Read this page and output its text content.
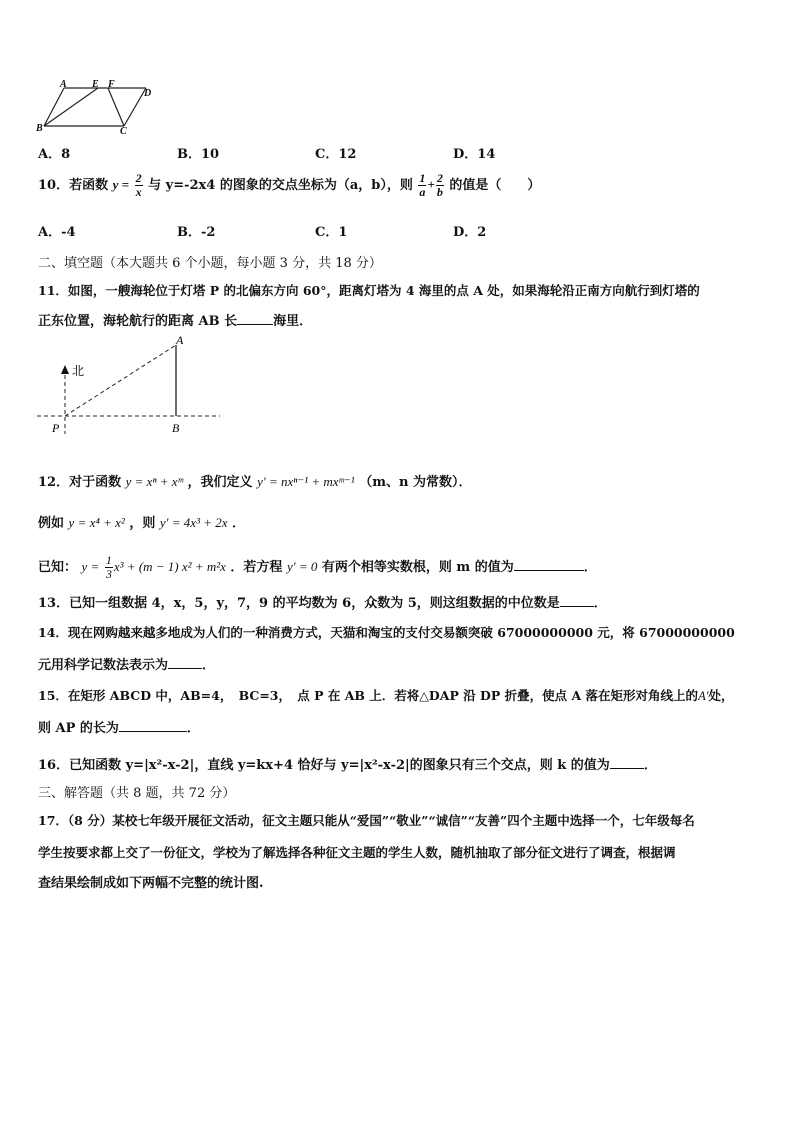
A	E F
D
B	C
A．8	B．10	C．12	D．14
10．若函数 $y = \frac{2}{x}$ 与 y=-2x4 的图象的交点坐标为（a，b），则 $\frac{1}{a} + \frac{2}{b}$ 的值是（　　）
A．-4	B．-2	C．1	D．2
二、填空题（本大题共 6 个小题，每小题 3 分，共 18 分）
11．如图，一艘海轮位于灯塔 P 的北偏东方向 60°，距离灯塔为 4 海里的点 A 处，如果海轮沿正南方向航行到灯塔的
正东位置，海轮航行的距离 AB 长	海里．
北
A
P	B
12．对于函数 y = xⁿ + xᵐ ，我们定义 y′ = nxⁿ⁻¹ + mxᵐ⁻¹ （m、n 为常数）．
例如 y = x⁴ + x² ，则 y′ = 4x³ + 2x ．
已知： $y = \frac{1}{3} x^3 + (m - 1) x^2 + m^2x$ ．若方程 y′ = 0 有两个相等实数根，则 m 的值为	．
13．已知一组数据 4，x，5，y，7，9 的平均数为 6，众数为 5，则这组数据的中位数是	．
14．现在网购越来越多地成为人们的一种消费方式，天猫和淘宝的支付交易额突破 67000000000 元，将 67000000000
元用科学记数法表示为	．
15．在矩形 ABCD 中，AB=4，　BC=3，　点 P 在 AB 上．若将△DAP 沿 DP 折叠，使点 A 落在矩形对角线上的A′处，
则 AP 的长为	．
16．已知函数 y=|x²-x-2|，直线 y=kx+4 恰好与 y=|x²-x-2|的图象只有三个交点，则 k 的值为	．
三、解答题（共 8 题，共 72 分）
17．（8 分）某校七年级开展征文活动，征文主题只能从“爱国”“敬业”“诚信”“友善”四个主题中选择一个，七年级每名
学生按要求都上交了一份征文，学校为了解选择各种征文主题的学生人数，随机抽取了部分征文进行了调查，根据调
查结果绘制成如下两幅不完整的统计图.
